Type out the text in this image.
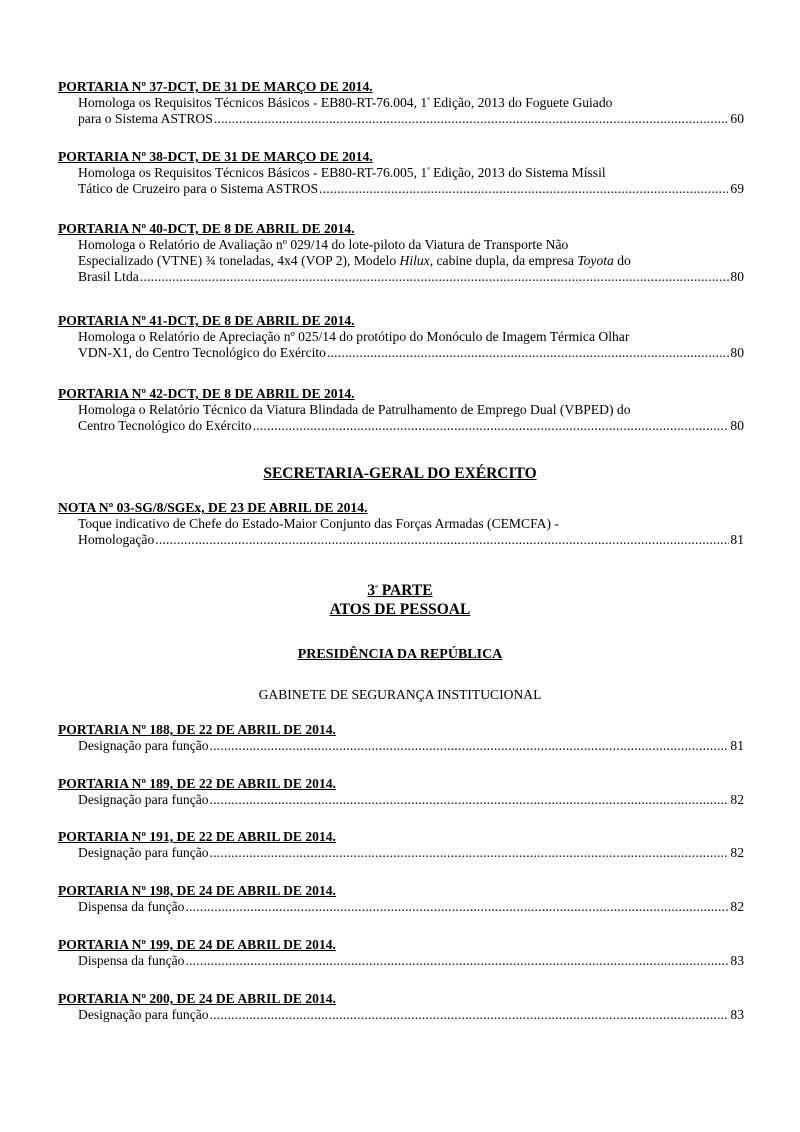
PORTARIA Nº 37-DCT, DE 31 DE MARÇO DE 2014.
Homologa os Requisitos Técnicos Básicos - EB80-RT-76.004, $1^ª$ Edição, 2013 do Foguete Guiado
para o Sistema ASTROS .....	60
PORTARIA Nº 38-DCT, DE 31 DE MARÇO DE 2014.
Homologa os Requisitos Técnicos Básicos - EB80-RT-76.005, $1^ª$ Edição, 2013 do Sistema Míssil
Tático de Cruzeiro para o Sistema ASTROS .....	69
PORTARIA Nº 40-DCT, DE 8 DE ABRIL DE 2014.
Homologa o Relatório de Avaliação nº 029/14 do lote-piloto da Viatura de Transporte Não
Especializado (VTNE) ¾ toneladas, 4x4 (VOP 2), Modelo Hilux, cabine dupla, da empresa Toyota do
Brasil Ltda .....	80
PORTARIA Nº 41-DCT, DE 8 DE ABRIL DE 2014.
Homologa o Relatório de Apreciação nº 025/14 do protótipo do Monóculo de Imagem Térmica Olhar
VDN-X1, do Centro Tecnológico do Exército .....	80
PORTARIA Nº 42-DCT, DE 8 DE ABRIL DE 2014.
Homologa o Relatório Técnico da Viatura Blindada de Patrulhamento de Emprego Dual (VBPED) do
Centro Tecnológico do Exército .....	80
SECRETARIA-GERAL DO EXÉRCITO
NOTA Nº 03-SG/8/SGEx, DE 23 DE ABRIL DE 2014.
Toque indicativo de Chefe do Estado-Maior Conjunto das Forças Armadas (CEMCFA) -
Homologação .....	81
$3^ª$ PARTE
ATOS DE PESSOAL
PRESIDÊNCIA DA REPÚBLICA
GABINETE DE SEGURANÇA INSTITUCIONAL
PORTARIA Nº 188, DE 22 DE ABRIL DE 2014.
Designação para função .....	81
PORTARIA Nº 189, DE 22 DE ABRIL DE 2014.
Designação para função .....	82
PORTARIA Nº 191, DE 22 DE ABRIL DE 2014.
Designação para função .....	82
PORTARIA Nº 198, DE 24 DE ABRIL DE 2014.
Dispensa da função .....	82
PORTARIA Nº 199, DE 24 DE ABRIL DE 2014.
Dispensa da função .....	83
PORTARIA Nº 200, DE 24 DE ABRIL DE 2014.
Designação para função .....	83
